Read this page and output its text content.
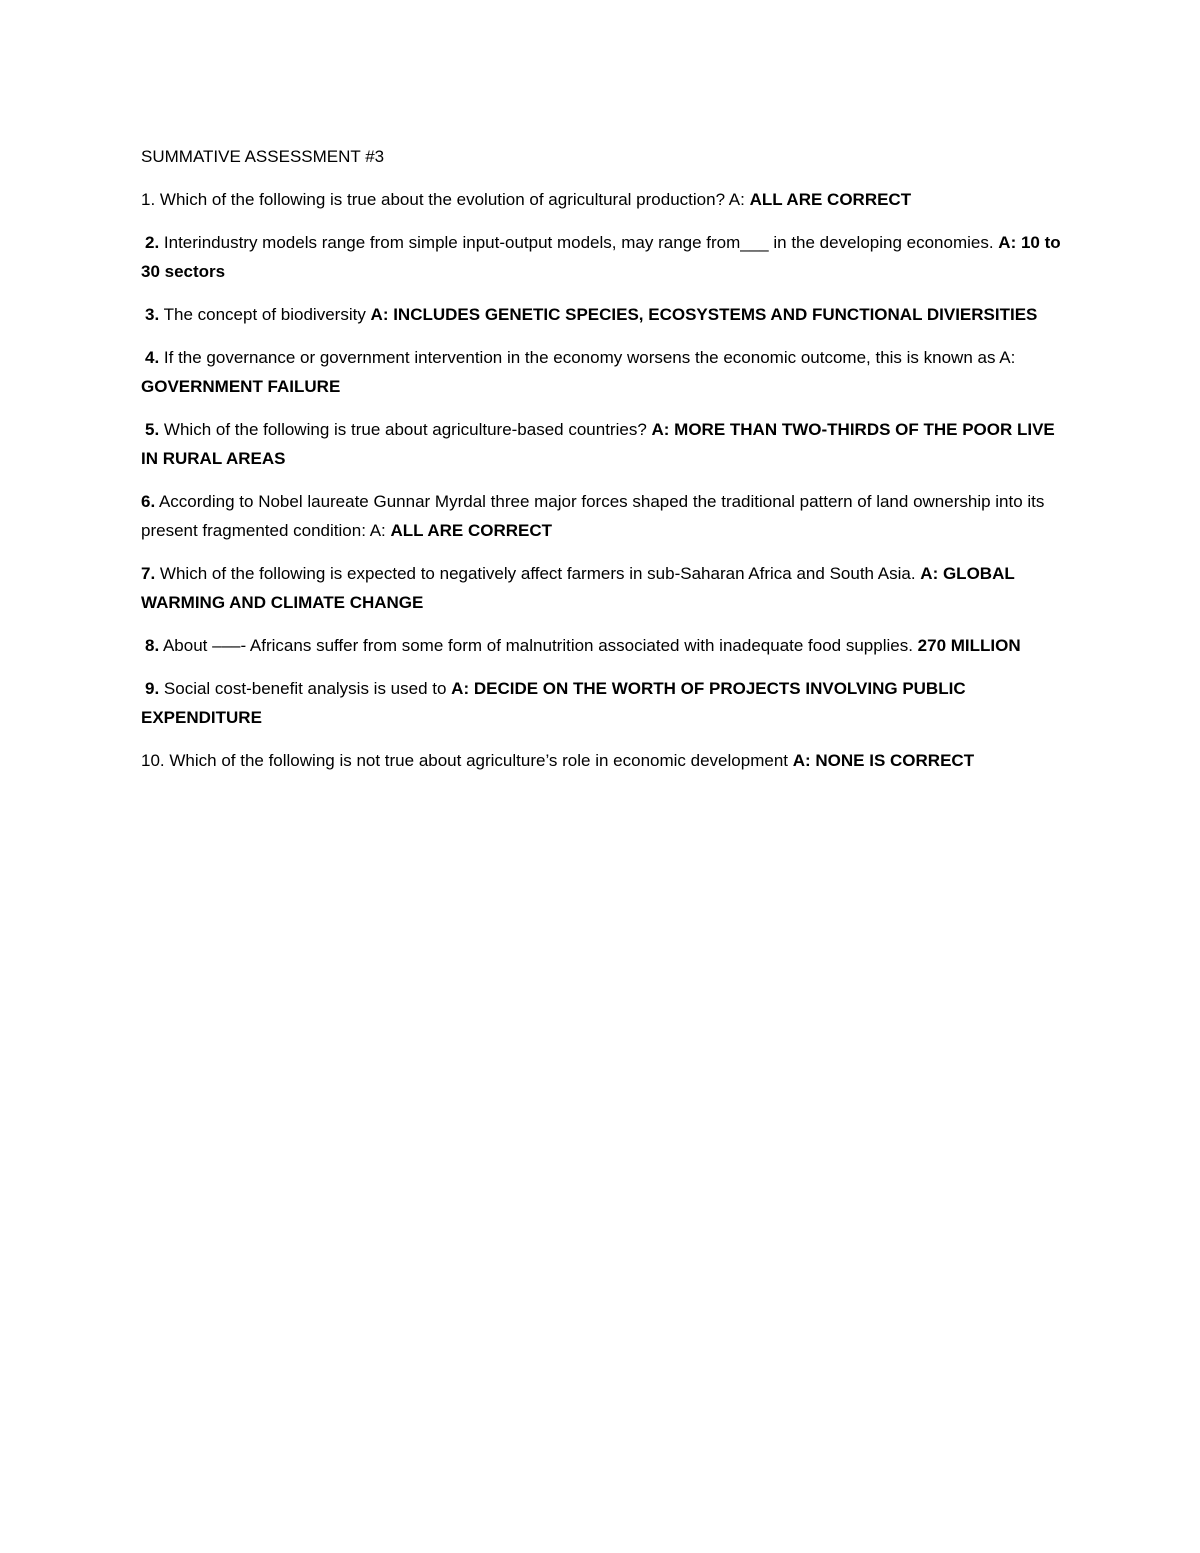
SUMMATIVE ASSESSMENT #3
1. Which of the following is true about the evolution of agricultural production? A: ALL ARE CORRECT
2. Interindustry models range from simple input-output models, may range from___ in the developing economies. A: 10 to 30 sectors
3. The concept of biodiversity A: INCLUDES GENETIC SPECIES, ECOSYSTEMS AND FUNCTIONAL DIVIERSITIES
4. If the governance or government intervention in the economy worsens the economic outcome, this is known as A: GOVERNMENT FAILURE
5. Which of the following is true about agriculture-based countries? A: MORE THAN TWO-THIRDS OF THE POOR LIVE IN RURAL AREAS
6. According to Nobel laureate Gunnar Myrdal three major forces shaped the traditional pattern of land ownership into its present fragmented condition: A: ALL ARE CORRECT
7. Which of the following is expected to negatively affect farmers in sub-Saharan Africa and South Asia. A: GLOBAL WARMING AND CLIMATE CHANGE
8. About –––- Africans suffer from some form of malnutrition associated with inadequate food supplies. 270 MILLION
9. Social cost-benefit analysis is used to A: DECIDE ON THE WORTH OF PROJECTS INVOLVING PUBLIC EXPENDITURE
10. Which of the following is not true about agriculture’s role in economic development A: NONE IS CORRECT
